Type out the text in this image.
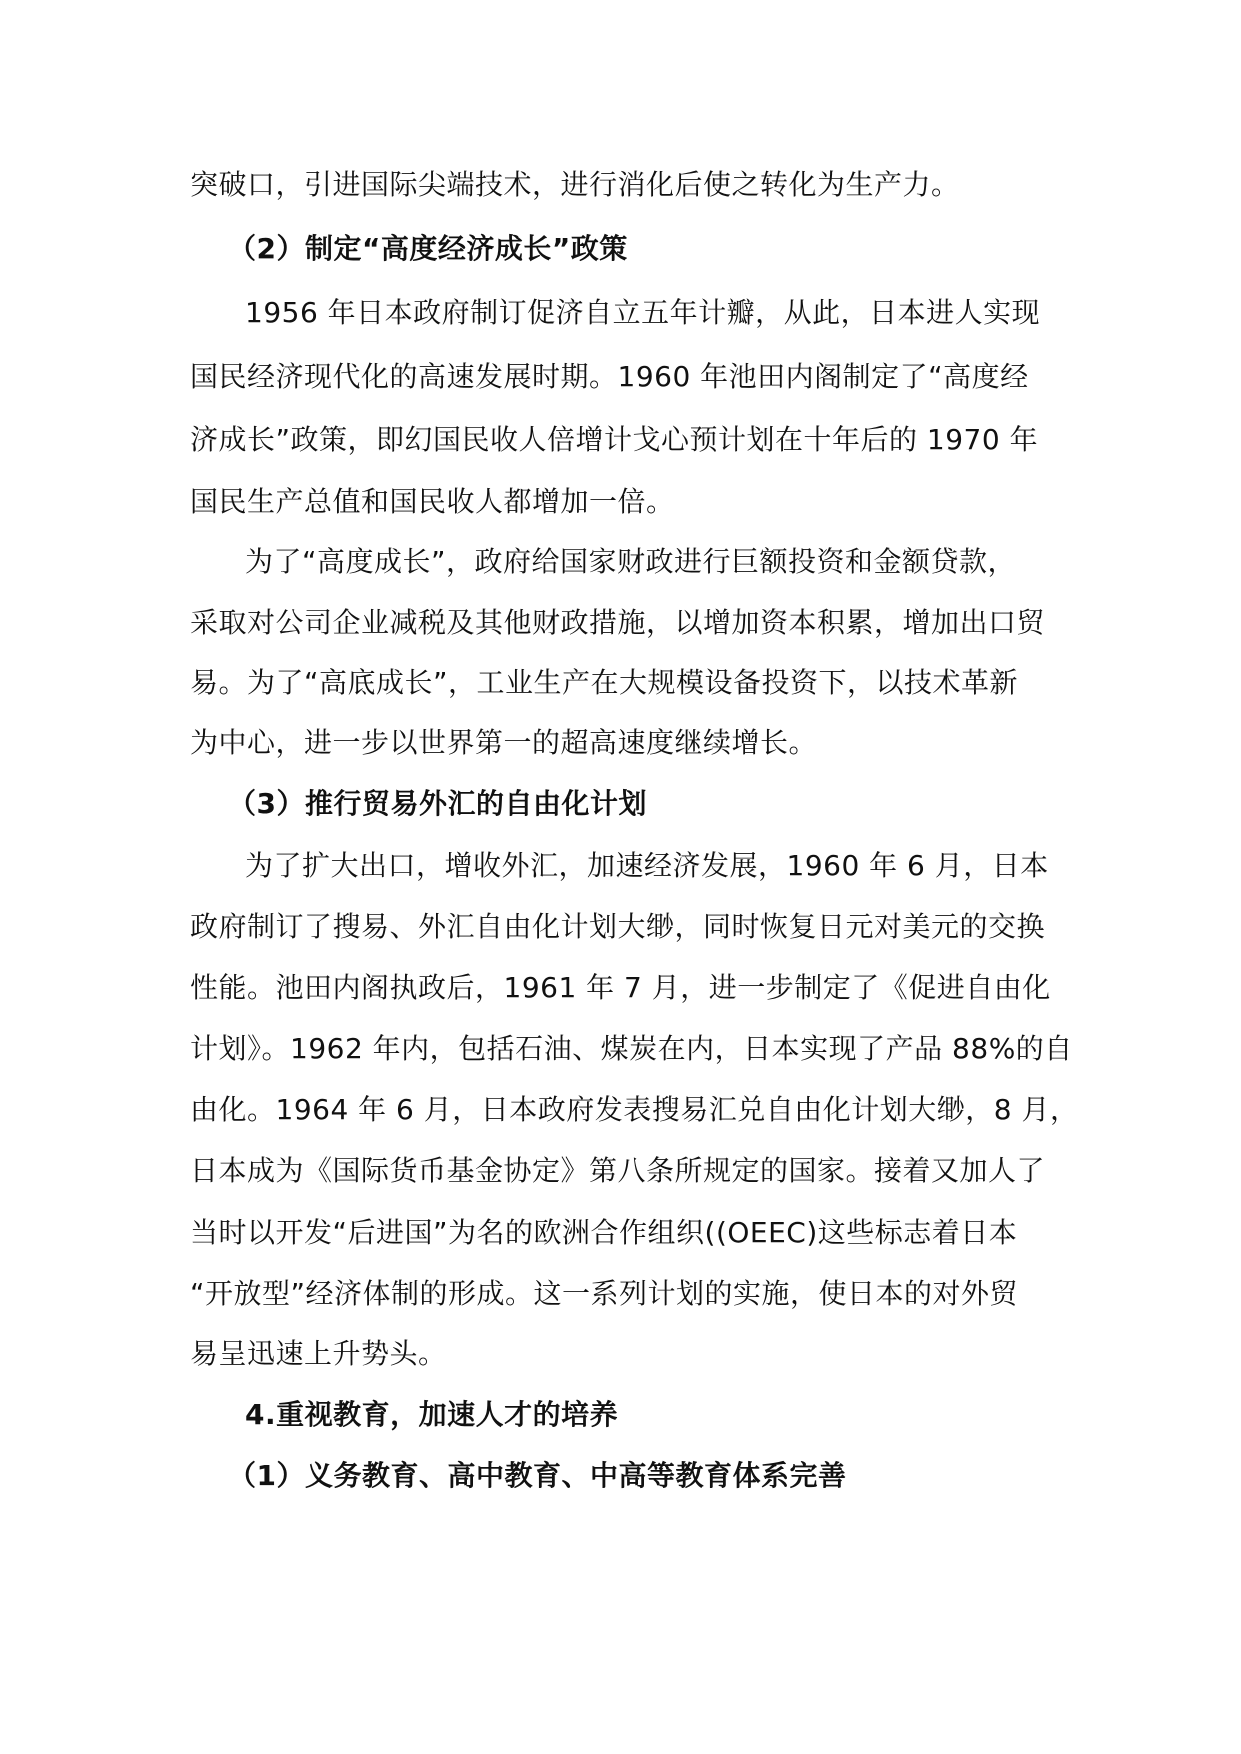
突破口，引进国际尖端技术，进行消化后使之转化为生产力。
（2）制定“高度经济成长”政策
1956 年日本政府制订促济自立五年计瓣，从此，日本进人实现
国民经济现代化的高速发展时期。1960 年池田内阁制定了“高度经
济成长”政策，即幻国民收人倍增计戈心预计划在十年后的 1970 年
国民生产总值和国民收人都增加一倍。
为了“高度成长”，政府给国家财政进行巨额投资和金额贷款，
采取对公司企业减税及其他财政措施，以增加资本积累，增加出口贸
易。为了“高底成长”，工业生产在大规模设备投资下，以技术革新
为中心，进一步以世界第一的超高速度继续增长。
（3）推行贸易外汇的自由化计划
为了扩大出口，增收外汇，加速经济发展，1960 年 6 月，日本
政府制订了搜易、外汇自由化计划大缈，同时恢复日元对美元的交换
性能。池田内阁执政后，1961 年 7 月，进一步制定了《促进自由化
计划》。1962 年内，包括石油、煤炭在内，日本实现了产品 88%的自
由化。1964 年 6 月，日本政府发表搜易汇兑自由化计划大缈，8 月，
日本成为《国际货币基金协定》第八条所规定的国家。接着又加人了
当时以开发“后进国”为名的欧洲合作组织((OEEC)这些标志着日本
“开放型”经济体制的形成。这一系列计划的实施，使日本的对外贸
易呈迅速上升势头。
4.重视教育，加速人才的培养
（1）义务教育、高中教育、中高等教育体系完善
